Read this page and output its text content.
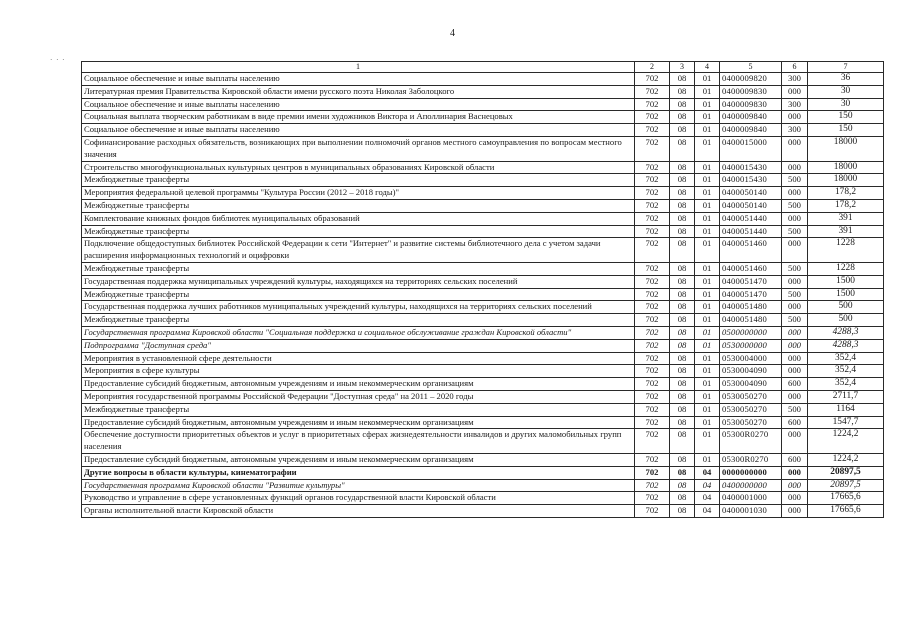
4
· · ·
1	2	3	4	5	6	7
Социальное обеспечение и иные выплаты населению	702	08	01	0400009820	300	36
Литературная премия Правительства Кировской области имени русского поэта Николая Заболоцкого	702	08	01	0400009830	000	30
Социальное обеспечение и иные выплаты населению	702	08	01	0400009830	300	30
Социальная выплата творческим работникам в виде премии имени художников Виктора и Аполлинария Васнецовых	702	08	01	0400009840	000	150
Социальное обеспечение и иные выплаты населению	702	08	01	0400009840	300	150
Софинансирование расходных обязательств, возникающих при выполнении полномочий органов местного самоуправления по вопросам местного значения	702	08	01	0400015000	000	18000
Строительство многофункциональных культурных центров в муниципальных образованиях Кировской области	702	08	01	0400015430	000	18000
Межбюджетные трансферты	702	08	01	0400015430	500	18000
Мероприятия федеральной целевой программы "Культура России (2012 – 2018 годы)"	702	08	01	0400050140	000	178,2
Межбюджетные трансферты	702	08	01	0400050140	500	178,2
Комплектование книжных фондов библиотек муниципальных образований	702	08	01	0400051440	000	391
Межбюджетные трансферты	702	08	01	0400051440	500	391
Подключение общедоступных библиотек Российской Федерации к сети "Интернет" и развитие системы библиотечного дела с учетом задачи расширения информационных технологий и оцифровки	702	08	01	0400051460	000	1228
Межбюджетные трансферты	702	08	01	0400051460	500	1228
Государственная поддержка муниципальных учреждений культуры, находящихся на территориях сельских поселений	702	08	01	0400051470	000	1500
Межбюджетные трансферты	702	08	01	0400051470	500	1500
Государственная поддержка лучших работников муниципальных учреждений культуры, находящихся на территориях сельских поселений	702	08	01	0400051480	000	500
Межбюджетные трансферты	702	08	01	0400051480	500	500
Государственная программа Кировской области "Социальная поддержка и социальное обслуживание граждан Кировской области"	702	08	01	0500000000	000	4288,3
Подпрограмма "Доступная среда"	702	08	01	0530000000	000	4288,3
Мероприятия в установленной сфере деятельности	702	08	01	0530004000	000	352,4
Мероприятия в сфере культуры	702	08	01	0530004090	000	352,4
Предоставление субсидий бюджетным, автономным учреждениям и иным некоммерческим организациям	702	08	01	0530004090	600	352,4
Мероприятия государственной программы Российской Федерации "Доступная среда" на 2011 – 2020 годы	702	08	01	0530050270	000	2711,7
Межбюджетные трансферты	702	08	01	0530050270	500	1164
Предоставление субсидий бюджетным, автономным учреждениям и иным некоммерческим организациям	702	08	01	0530050270	600	1547,7
Обеспечение доступности приоритетных объектов и услуг в приоритетных сферах жизнедеятельности инвалидов и других маломобильных групп населения	702	08	01	05300R0270	000	1224,2
Предоставление субсидий бюджетным, автономным учреждениям и иным некоммерческим организациям	702	08	01	05300R0270	600	1224,2
Другие вопросы в области культуры, кинематографии	702	08	04	0000000000	000	20897,5
Государственная программа Кировской области "Развитие культуры"	702	08	04	0400000000	000	20897,5
Руководство и управление в сфере установленных функций органов государственной власти Кировской области	702	08	04	0400001000	000	17665,6
Органы исполнительной власти Кировской области	702	08	04	0400001030	000	17665,6
